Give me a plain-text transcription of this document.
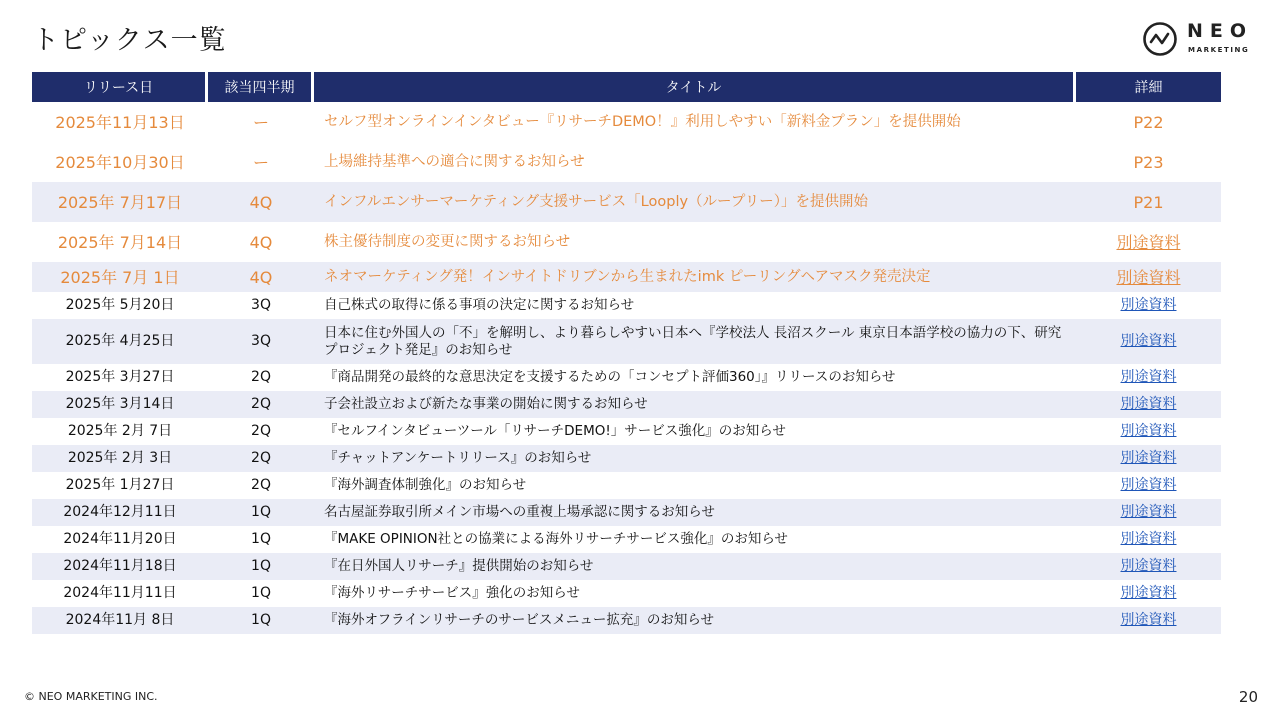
トピックス一覧	NEO
MARKETING
リリース日	該当四半期	タイトル	詳細
2025年11月13日	ー	セルフ型オンラインインタビュー『リサーチDEMO！』利用しやすい「新料金プラン」を提供開始	P22
2025年10月30日	ー	上場維持基準への適合に関するお知らせ	P23
2025年 7月17日	4Q	インフルエンサーマーケティング支援サービス「Looply（ループリー）」を提供開始	P21
2025年 7月14日	4Q	株主優待制度の変更に関するお知らせ	別途資料
2025年 7月 1日	4Q	ネオマーケティング発！インサイトドリブンから生まれたimk ピーリングヘアマスク発売決定	別途資料
2025年 5月20日	3Q	自己株式の取得に係る事項の決定に関するお知らせ	別途資料
2025年 4月25日	3Q	日本に住む外国人の「不」を解明し、より暮らしやすい日本へ『学校法人 長沼スクール 東京日本語学校の協力の下、研究プロジェクト発足』のお知らせ	別途資料
2025年 3月27日	2Q	『商品開発の最終的な意思決定を支援するための「コンセプト評価360」』リリースのお知らせ	別途資料
2025年 3月14日	2Q	子会社設立および新たな事業の開始に関するお知らせ	別途資料
2025年 2月 7日	2Q	『セルフインタビューツール「リサーチDEMO!」サービス強化』のお知らせ	別途資料
2025年 2月 3日	2Q	『チャットアンケートリリース』のお知らせ	別途資料
2025年 1月27日	2Q	『海外調査体制強化』のお知らせ	別途資料
2024年12月11日	1Q	名古屋証券取引所メイン市場への重複上場承認に関するお知らせ	別途資料
2024年11月20日	1Q	『MAKE OPINION社との協業による海外リサーチサービス強化』のお知らせ	別途資料
2024年11月18日	1Q	『在日外国人リサーチ』提供開始のお知らせ	別途資料
2024年11月11日	1Q	『海外リサーチサービス』強化のお知らせ	別途資料
2024年11月 8日	1Q	『海外オフラインリサーチのサービスメニュー拡充』のお知らせ	別途資料
© NEO MARKETING INC.	20
